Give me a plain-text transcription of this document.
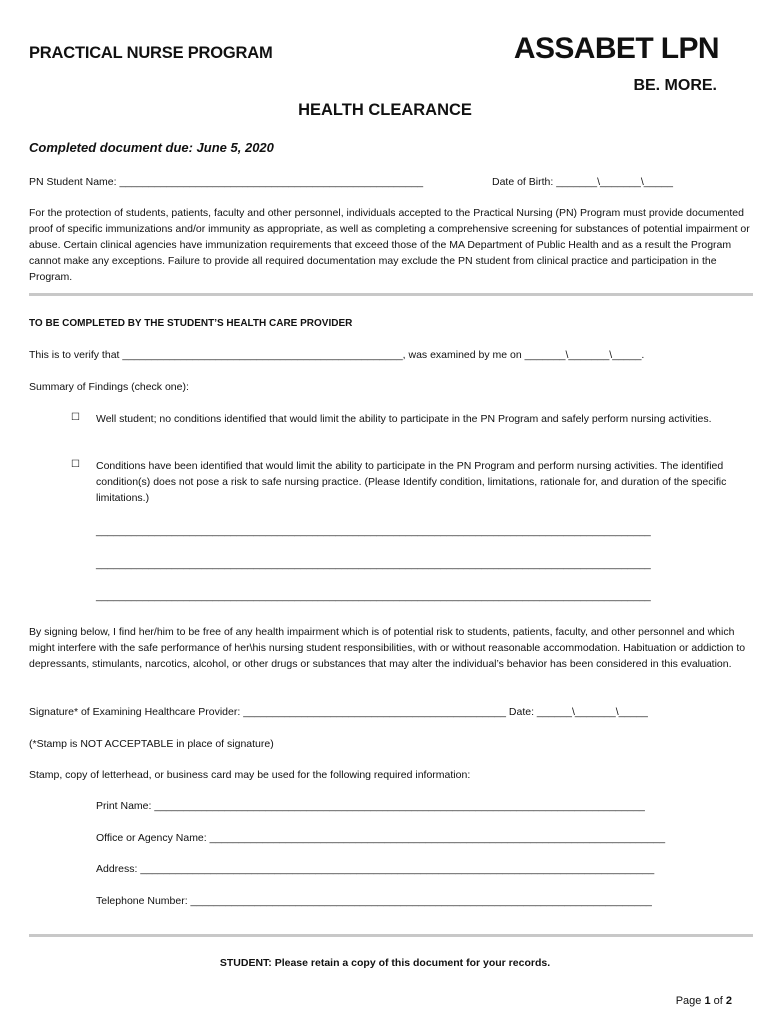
PRACTICAL NURSE PROGRAM	ASSABET LPN
BE. MORE.
HEALTH CLEARANCE
Completed document due: June 5, 2020
PN Student Name: ____________________________________________________	Date of Birth: _______\_______\_____
For the protection of students, patients, faculty and other personnel, individuals accepted to the Practical Nursing (PN) Program must provide documented proof of specific immunizations and/or immunity as appropriate, as well as completing a comprehensive screening for substances of potential impairment or abuse. Certain clinical agencies have immunization requirements that exceed those of the MA Department of Public Health and as a result the Program cannot make any exceptions. Failure to provide all required documentation may exclude the PN student from clinical practice and participation in the Program.
TO BE COMPLETED BY THE STUDENT’S HEALTH CARE PROVIDER
This is to verify that ________________________________________________, was examined by me on _______\_______\_____.
Summary of Findings (check one):
☐ Well student; no conditions identified that would limit the ability to participate in the PN Program and safely perform nursing activities.
☐ Conditions have been identified that would limit the ability to participate in the PN Program and perform nursing activities. The identified condition(s) does not pose a risk to safe nursing practice. (Please Identify condition, limitations, rationale for, and duration of the specific limitations.)
_______________________________________________________________________________________________
_______________________________________________________________________________________________
_______________________________________________________________________________________________
By signing below, I find her/him to be free of any health impairment which is of potential risk to students, patients, faculty, and other personnel and which might interfere with the safe performance of her\his nursing student responsibilities, with or without reasonable accommodation. Habituation or addiction to depressants, stimulants, narcotics, alcohol, or other drugs or substances that may alter the individual’s behavior has been considered in this evaluation.
Signature* of Examining Healthcare Provider: _____________________________________________ Date: ______\_______\_____
(*Stamp is NOT ACCEPTABLE in place of signature)
Stamp, copy of letterhead, or business card may be used for the following required information:
Print Name: ____________________________________________________________________________________
Office or Agency Name: ______________________________________________________________________________
Address: ________________________________________________________________________________________
Telephone Number: _______________________________________________________________________________
STUDENT: Please retain a copy of this document for your records.
Page 1 of 2
